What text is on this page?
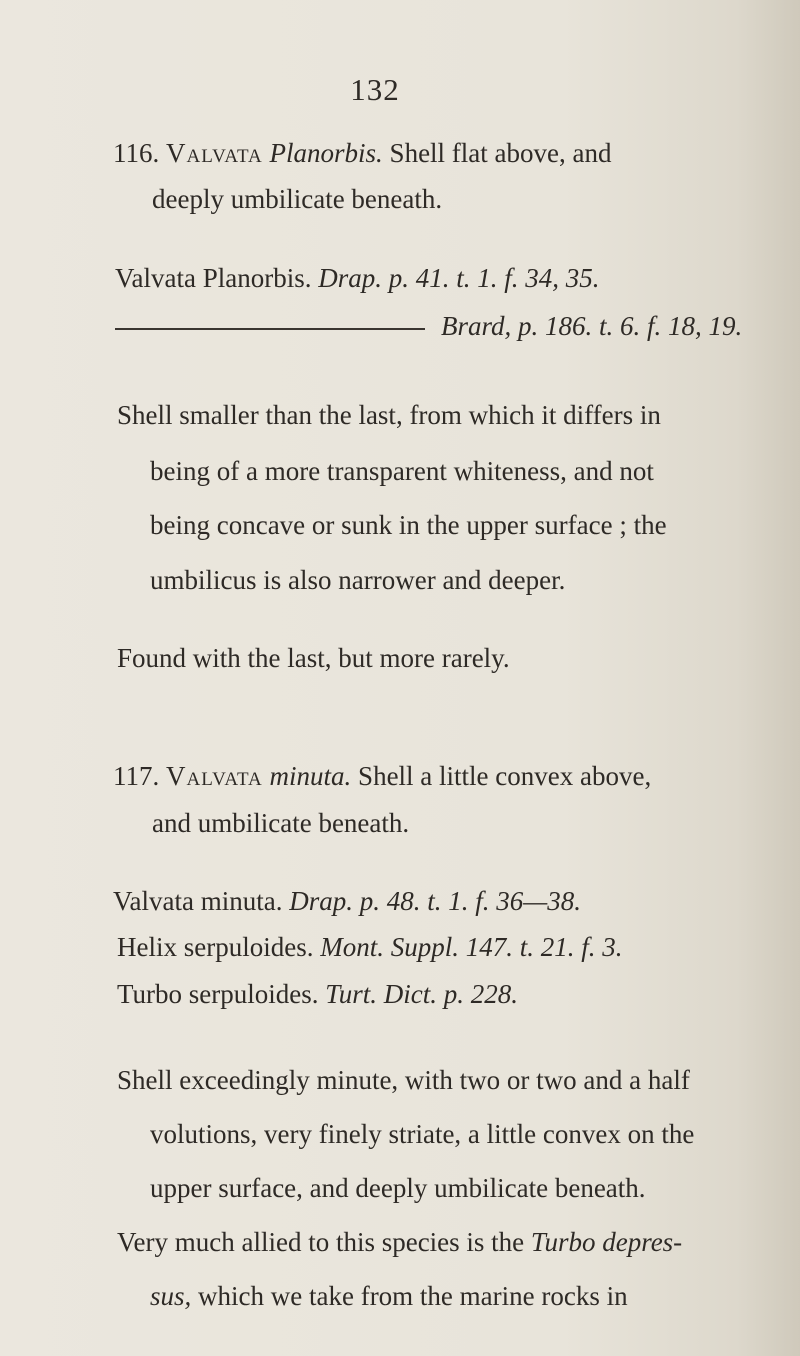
132
116. Valvata Planorbis. Shell flat above, and
deeply umbilicate beneath.
Valvata Planorbis. Drap. p. 41. t. 1. f. 34, 35.
Brard, p. 186. t. 6. f. 18, 19.
Shell smaller than the last, from which it differs in
being of a more transparent whiteness, and not
being concave or sunk in the upper surface ; the
umbilicus is also narrower and deeper.
Found with the last, but more rarely.
117. Valvata minuta. Shell a little convex above,
and umbilicate beneath.
Valvata minuta. Drap. p. 48. t. 1. f. 36—38.
Helix serpuloides. Mont. Suppl. 147. t. 21. f. 3.
Turbo serpuloides. Turt. Dict. p. 228.
Shell exceedingly minute, with two or two and a half
volutions, very finely striate, a little convex on the
upper surface, and deeply umbilicate beneath.
Very much allied to this species is the Turbo depres-
sus, which we take from the marine rocks in
